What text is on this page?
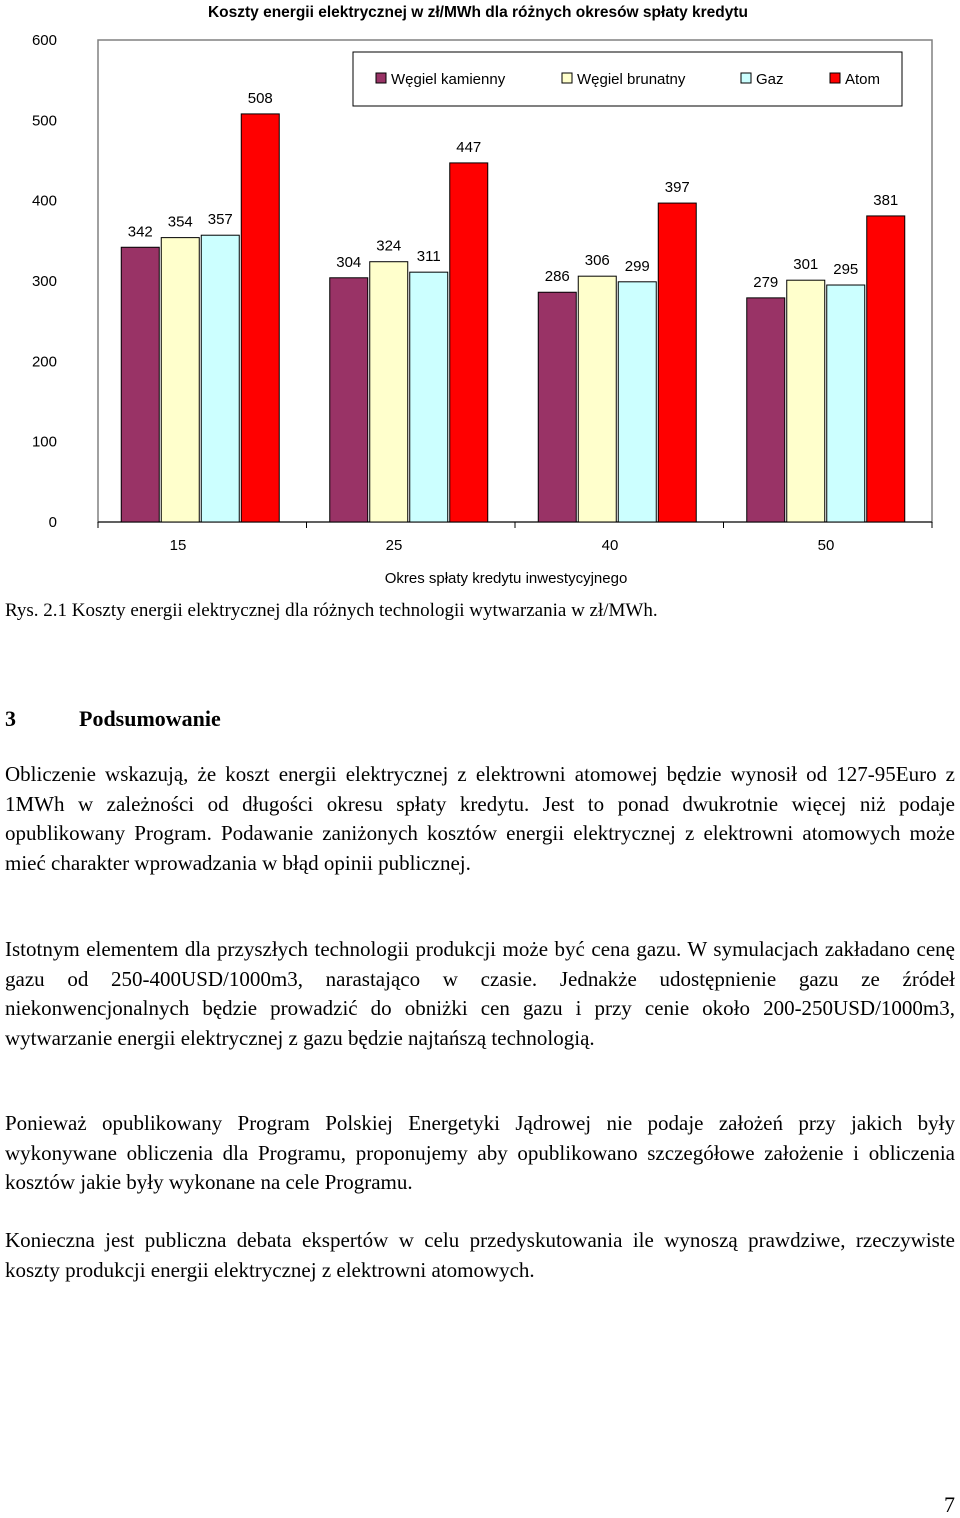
Koszty energii elektrycznej w zł/MWh dla różnych okresów spłaty kredytu
0
100
200
300
400
500
600
342
304
286	279
354
324
306	301
357
311
299	295
508
447
397
381
15	25	40	50
Okres spłaty kredytu inwestycyjnego
Węgiel kamienny	Węgiel brunatny	Gaz	Atom
Rys. 2.1 Koszty energii elektrycznej dla różnych technologii wytwarzania w zł/MWh.
3	Podsumowanie

Obliczenie wskazują, że koszt energii elektrycznej z elektrowni atomowej będzie wynosił od 127-95Euro z 1MWh w zależności od długości okresu spłaty kredytu. Jest to ponad dwukrotnie więcej niż podaje opublikowany Program. Podawanie zaniżonych kosztów energii elektrycznej z elektrowni atomowych może mieć charakter wprowadzania w błąd opinii publicznej.

Istotnym elementem dla przyszłych technologii produkcji może być cena gazu. W symulacjach zakładano cenę gazu od 250-400USD/1000m3, narastająco w czasie. Jednakże udostępnienie gazu ze źródeł niekonwencjonalnych będzie prowadzić do obniżki cen gazu i przy cenie około 200-250USD/1000m3, wytwarzanie energii elektrycznej z gazu będzie najtańszą technologią.

Ponieważ opublikowany Program Polskiej Energetyki Jądrowej nie podaje założeń przy jakich były wykonywane obliczenia dla Programu, proponujemy aby opublikowano szczegółowe założenie i obliczenia kosztów jakie były wykonane na cele Programu.

Konieczna jest publiczna debata ekspertów w celu przedyskutowania ile wynoszą prawdziwe, rzeczywiste koszty produkcji energii elektrycznej z elektrowni atomowych.

7
